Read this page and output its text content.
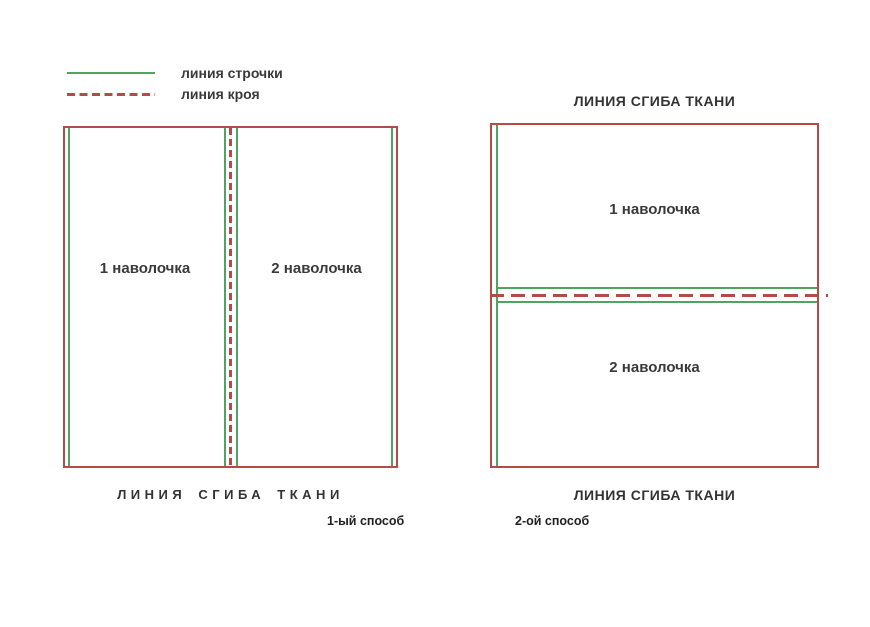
линия строчки
линия кроя
1 наволочка	2 наволочка
ЛИНИЯ СГИБА ТКАНИ
1-ый способ
ЛИНИЯ СГИБА ТКАНИ
1 наволочка
2 наволочка
ЛИНИЯ СГИБА ТКАНИ
2-ой способ
